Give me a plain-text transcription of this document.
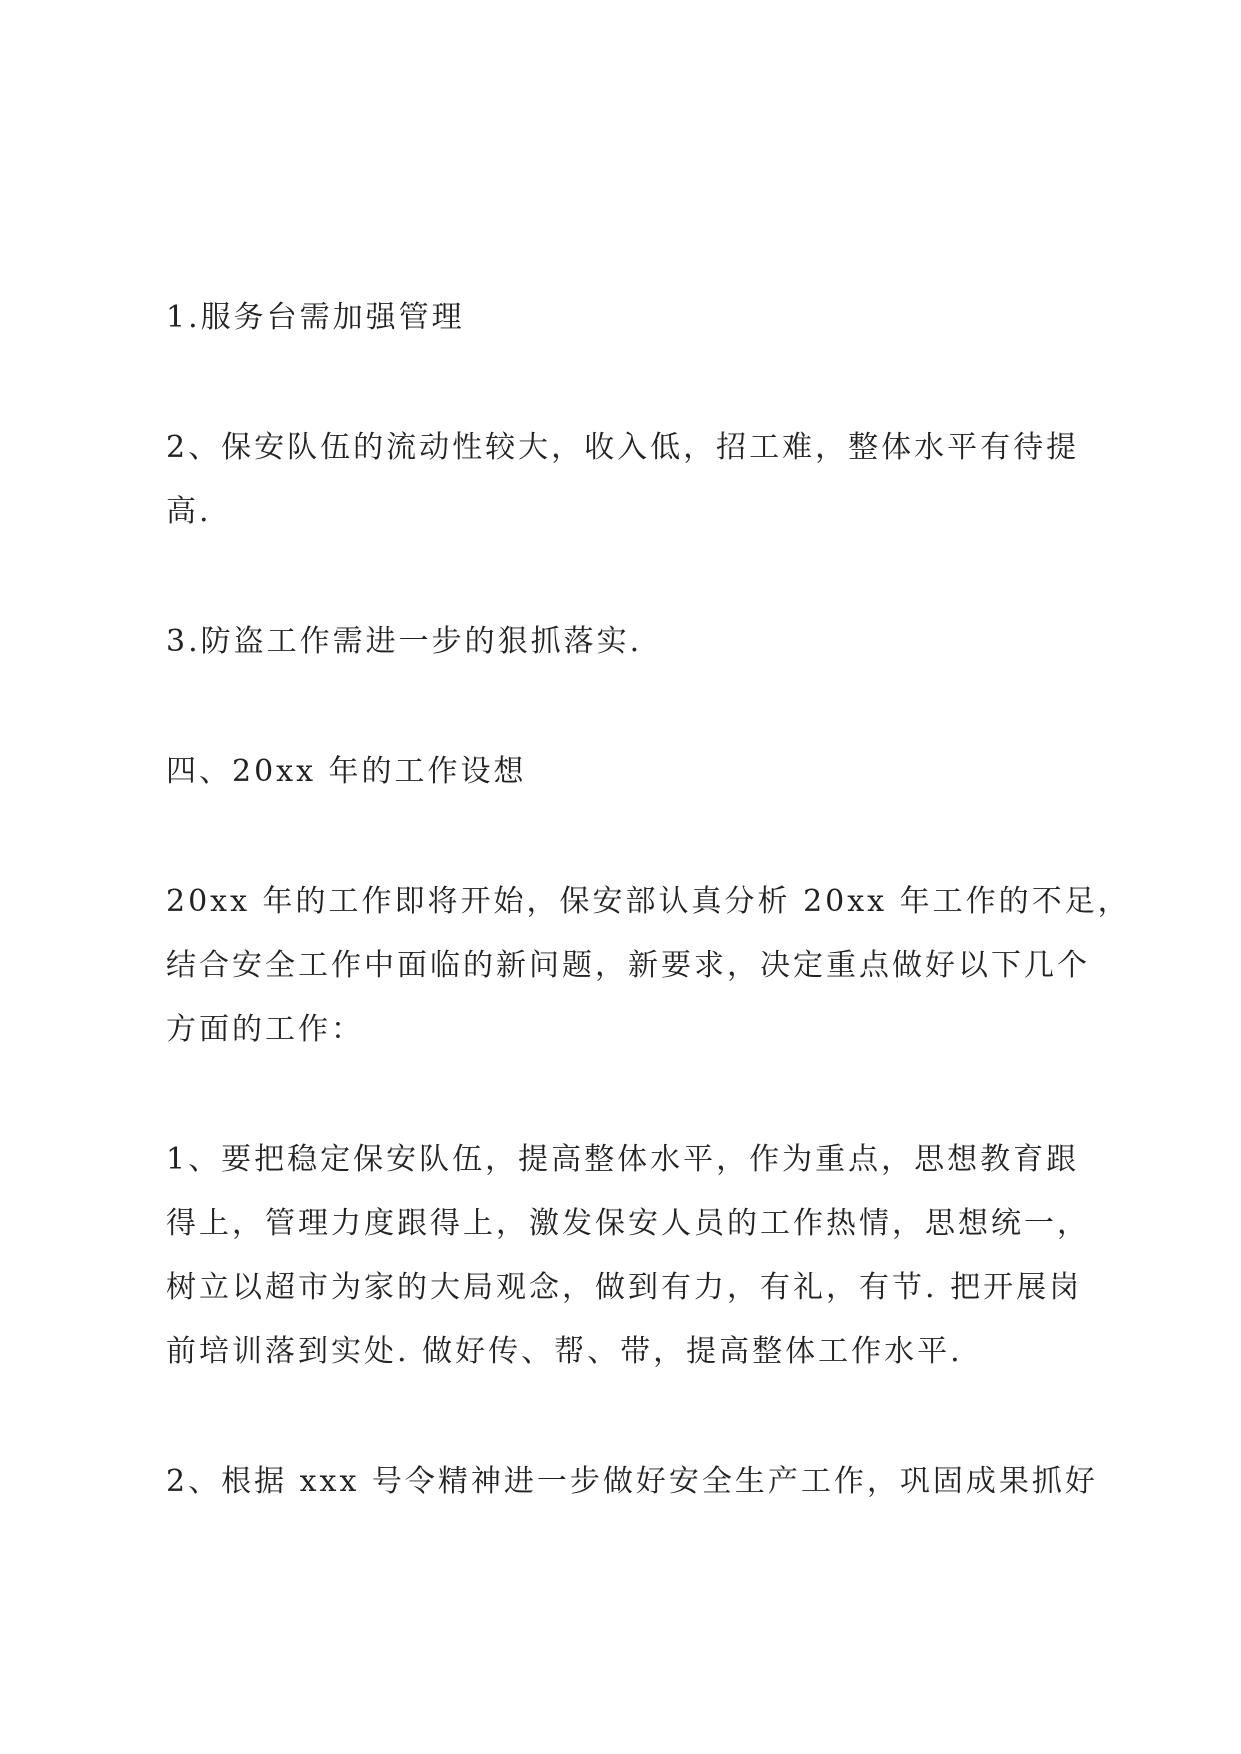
1.服务台需加强管理

2、保安队伍的流动性较大，收入低，招工难，整体水平有待提
高.

3.防盗工作需进一步的狠抓落实.

四、20xx 年的工作设想

20xx 年的工作即将开始，保安部认真分析 20xx 年工作的不足，
结合安全工作中面临的新问题，新要求，决定重点做好以下几个
方面的工作：

1、要把稳定保安队伍，提高整体水平，作为重点，思想教育跟
得上，管理力度跟得上，激发保安人员的工作热情，思想统一，
树立以超市为家的大局观念，做到有力，有礼，有节. 把开展岗
前培训落到实处. 做好传、帮、带，提高整体工作水平.

2、根据 xxx 号令精神进一步做好安全生产工作，巩固成果抓好
